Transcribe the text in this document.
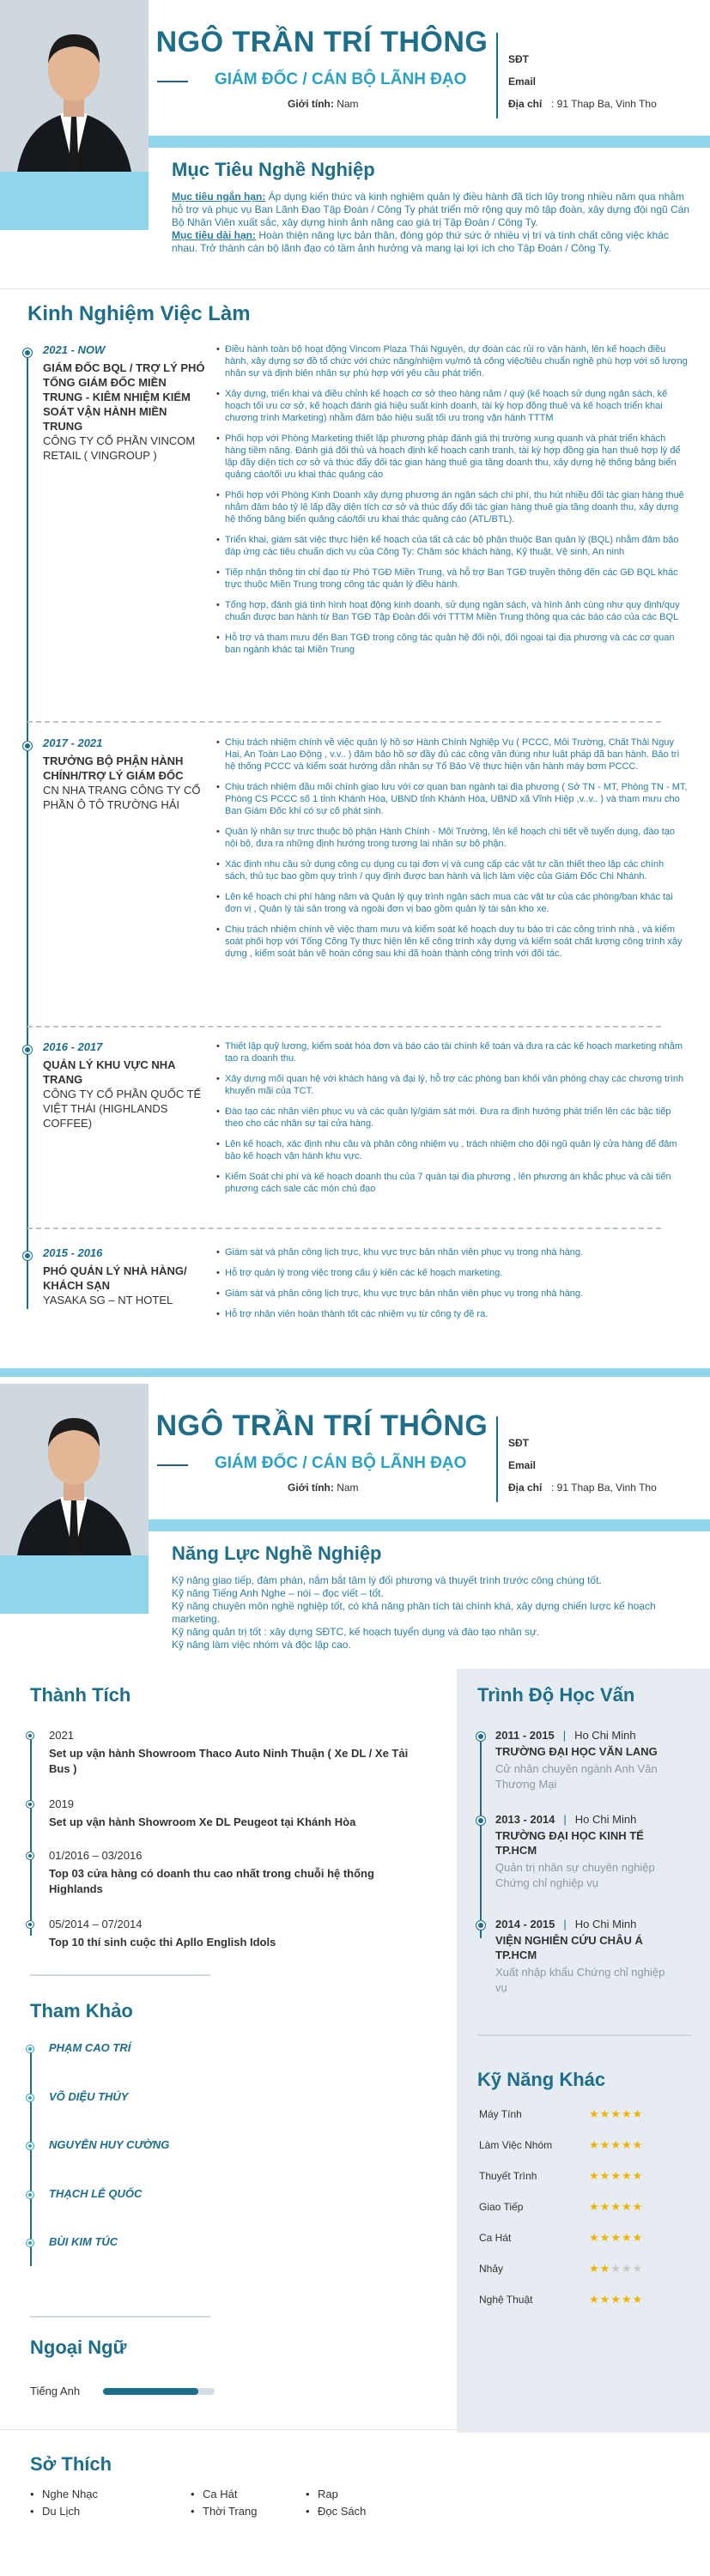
NGÔ TRẦN TRÍ THÔNG
GIÁM ĐỐC / CÁN BỘ LÃNH ĐẠO
Giới tính: Nam
SĐT
Email
Địa chỉ : 91 Thap Ba, Vinh Tho
Mục Tiêu Nghề Nghiệp

Mục tiêu ngắn hạn: Áp dụng kiến thức và kinh nghiệm quản lý điều hành đã tích lũy trong nhiều năm qua nhằm hỗ trợ và phục vụ Ban Lãnh Đạo Tập Đoàn / Công Ty phát triển mở rộng quy mô tập đoàn, xây dựng đội ngũ Cán Bộ Nhân Viên xuất sắc, xây dựng hình ảnh năng cao giá trị Tập Đoàn / Công Ty.

Mục tiêu dài hạn: Hoàn thiện năng lực bản thân, đóng góp thứ sức ở nhiều vị trí và tính chất công việc khác nhau. Trở thành cán bộ lãnh đạo có tầm ảnh hưởng và mang lại lợi ích cho Tập Đoàn / Công Ty.

Kinh Nghiệm Việc Làm
2021 - NOW
GIÁM ĐỐC BQL / TRỢ LÝ PHÓ TỔNG GIÁM ĐỐC MIỀN TRUNG - KIÊM NHIỆM KIỂM SOÁT VẬN HÀNH MIỀN TRUNG
CÔNG TY CỔ PHẦN VINCOM RETAIL ( VINGROUP )
• Điều hành toàn bộ hoạt động Vincom Plaza Thái Nguyên, dự đoán các rủi ro vận hành, lên kế hoạch điều hành, xây dựng sơ đồ tổ chức với chức năng/nhiệm vụ/mô tả công việc/tiêu chuẩn nghề phù hợp với số lượng nhân sự và định biên nhân sự phù hợp với yêu cầu phát triển.
• Xây dựng, triển khai và điều chỉnh kế hoạch cơ sở theo hàng năm / quý (kế hoạch sử dụng ngân sách, kế hoạch tối ưu cơ sở, kế hoạch đánh giá hiệu suất kinh doanh, tài kỳ hợp đồng thuê và kế hoạch triển khai chương trình Marketing) nhằm đảm bảo hiệu suất tối ưu trong vận hành TTTM
• Phối hợp với Phòng Marketing thiết lập phương pháp đánh giá thị trường xung quanh và phát triển khách hàng tiềm năng. Đánh giá đối thủ và hoạch định kế hoạch cạnh tranh, tài kỳ hợp đồng gia hạn thuê hợp lý để lập đầy diện tích cơ sở và thúc đẩy đối tác gian hàng thuê gia tăng doanh thu, xây dựng hệ thống bảng biển quảng cáo/tối ưu khai thác quảng cáo
• Phối hợp với Phòng Kinh Doanh xây dựng phương án ngân sách chi phí, thu hút nhiều đối tác gian hàng thuê nhằm đảm bảo tỷ lệ lấp đầy diện tích cơ sở và thúc đẩy đối tác gian hàng thuê gia tăng doanh thu, xây dựng hệ thống bảng biển quảng cáo/tối ưu khai thác quảng cáo (ATL/BTL).
• Triển khai, giám sát việc thực hiện kế hoạch của tất cả các bộ phận thuộc Ban quản lý (BQL) nhằm đảm bảo đáp ứng các tiêu chuẩn dịch vụ của Công Ty: Chăm sóc khách hàng, Kỹ thuật, Vệ sinh, An ninh
• Tiếp nhận thông tin chỉ đạo từ Phó TGĐ Miền Trung, và hỗ trợ Ban TGĐ truyền thông đến các GĐ BQL khác trực thuộc Miền Trung trong công tác quản lý điều hành.
• Tổng hợp, đánh giá tình hình hoạt động kinh doanh, sử dụng ngân sách, và hình ảnh cùng như quy định/quy chuẩn được ban hành từ Ban TGĐ Tập Đoàn đối với TTTM Miền Trung thông qua các báo cáo của các BQL
• Hỗ trợ và tham mưu đến Ban TGĐ trong công tác quản hệ đối nội, đối ngoại tại địa phương và các cơ quan ban ngành khác tại Miền Trung
2017 - 2021
TRƯỞNG BỘ PHẬN HÀNH CHÍNH/TRỢ LÝ GIÁM ĐỐC
CN NHA TRANG CÔNG TY CỔ PHẦN Ô TÔ TRƯỜNG HẢI
• Chịu trách nhiệm chính về việc quản lý hồ sơ Hành Chính Nghiệp Vụ ( PCCC, Môi Trường, Chất Thải Nguy Hại, An Toàn Lao Động , v.v.. ) đảm bảo hồ sơ đầy đủ các công văn đúng như luật pháp đã ban hành. Bảo trì hệ thống PCCC và kiểm soát hướng dẫn nhân sự Tổ Bảo Vệ thực hiện vận hành máy bơm PCCC.
• Chịu trách nhiệm đầu mối chính giao lưu với cơ quan ban ngành tại địa phương ( Sở TN - MT, Phòng TN - MT, Phòng CS PCCC số 1 tỉnh Khánh Hòa, UBND tỉnh Khánh Hòa, UBND xã Vĩnh Hiệp ,v..v.. ) và tham mưu cho Ban Giám Đốc khi có sự cố phát sinh.
• Quản lý nhân sự trực thuộc bộ phận Hành Chính - Môi Trường, lên kế hoạch chi tiết về tuyển dụng, đào tạo nội bộ, đưa ra những định hướng trong tương lai nhân sự bộ phận.
• Xác định nhu cầu sử dụng công cụ dụng cụ tại đơn vị và cung cấp các vật tư cần thiết theo lập các chính sách, thủ tục bao gồm quy trình / quy định được ban hành và lịch làm việc của Giám Đốc Chi Nhánh.
• Lên kế hoạch chi phí hàng năm và Quản lý quy trình ngân sách mua các vật tư của các phòng/ban khác tại đơn vị , Quản lý tài sản trong và ngoài đơn vị bao gồm quản lý tài sản kho xe.
• Chịu trách nhiệm chính về việc tham mưu và kiểm soát kế hoạch duy tu bảo trì các công trình nhà , và kiểm soát phối hợp với Tổng Công Ty thực hiện lên kế công trình xây dựng và kiểm soát chất lượng công trình xây dựng , kiểm soát bản vẽ hoàn công sau khi đã hoàn thành công trình với đối tác.
2016 - 2017
QUẢN LÝ KHU VỰC NHA TRANG
CÔNG TY CỔ PHẦN QUỐC TẾ VIỆT THÁI (HIGHLANDS COFFEE)
• Thiết lập quỹ lương, kiểm soát hóa đơn và báo cáo tài chính kế toán và đưa ra các kế hoạch marketing nhằm tạo ra doanh thu.
• Xây dựng mối quan hệ với khách hàng và đại lý, hỗ trợ các phòng ban khối văn phòng chạy các chương trình khuyến mãi của TCT.
• Đào tạo các nhân viên phục vụ và các quản lý/giám sát mới. Đưa ra định hướng phát triển lên các bậc tiếp theo cho các nhân sự tại cửa hàng.
• Lên kế hoạch, xác định nhu cầu và phân công nhiệm vụ , trách nhiệm cho đội ngũ quản lý cửa hàng để đảm bảo kế hoạch vận hành khu vực.
• Kiểm Soát chi phí và kế hoạch doanh thu của 7 quán tại địa phương , lên phương án khắc phục và cải tiến phương cách sale các món chủ đạo
2015 - 2016
PHÓ QUẢN LÝ NHÀ HÀNG/ KHÁCH SẠN
YASAKA SG – NT HOTEL
• Giám sát và phân công lịch trực, khu vực trực bản nhân viên phục vụ trong nhà hàng.
• Hỗ trợ quản lý trong việc trong cấu ý kiến các kế hoạch marketing.
• Giám sát và phân công lịch trực, khu vực trực bản nhân viên phục vụ trong nhà hàng.
• Hỗ trợ nhân viên hoàn thành tốt các nhiệm vụ từ công ty đề ra.
NGÔ TRẦN TRÍ THÔNG
GIÁM ĐỐC / CÁN BỘ LÃNH ĐẠO
Giới tính: Nam
SĐT
Email
Địa chỉ : 91 Thap Ba, Vinh Tho
Năng Lực Nghề Nghiệp

Kỹ năng giao tiếp, đàm phán, nắm bắt tâm lý đối phương và thuyết trình trước công chúng tốt.

Kỹ năng Tiếng Anh Nghe – nói – đọc viết – tốt.

Kỹ năng chuyên môn nghề nghiệp tốt, có khả năng phân tích tài chính khá, xây dựng chiến lược kế hoạch marketing.

Kỹ năng quản trị tốt : xây dựng SĐTC, kế hoạch tuyển dụng và đào tạo nhân sự.

Kỹ năng làm việc nhóm và độc lập cao.

Trình Độ Học Vấn
2011 - 2015 | Ho Chi Minh
TRƯỜNG ĐẠI HỌC VĂN LANG
Cử nhân chuyên ngành Anh Văn Thương Mại
2013 - 2014 | Ho Chi Minh
TRƯỜNG ĐẠI HỌC KINH TẾ TP.HCM
Quản trị nhân sự chuyên nghiệp Chứng chỉ nghiệp vụ
2014 - 2015 | Ho Chi Minh
VIỆN NGHIÊN CỨU CHÂU Á TP.HCM
Xuất nhập khẩu Chứng chỉ nghiệp vụ
Kỹ Năng Khác
Máy Tính	★★★★★
Làm Việc Nhóm	★★★★★
Thuyết Trình	★★★★★
Giao Tiếp	★★★★★
Ca Hát	★★★★★
Nhảy	★★★★★
Nghệ Thuật	★★★★★
Thành Tích
2021
Set up vận hành Showroom Thaco Auto Ninh Thuận ( Xe DL / Xe Tải Bus )
2019
Set up vận hành Showroom Xe DL Peugeot tại Khánh Hòa
01/2016 – 03/2016
Top 03 cửa hàng có doanh thu cao nhất trong chuỗi hệ thống Highlands
05/2014 – 07/2014
Top 10 thí sinh cuộc thi Apllo English Idols
Tham Khảo
PHẠM CAO TRÍ
VÕ DIỆU THÚY
NGUYỄN HUY CƯỜNG
THẠCH LỄ QUỐC
BÙI KIM TÚC
Ngoại Ngữ
Tiếng Anh
Sở Thích
• Nghe Nhạc
• Du Lịch
• Ca Hát
• Thời Trang
• Rap
• Đọc Sách
